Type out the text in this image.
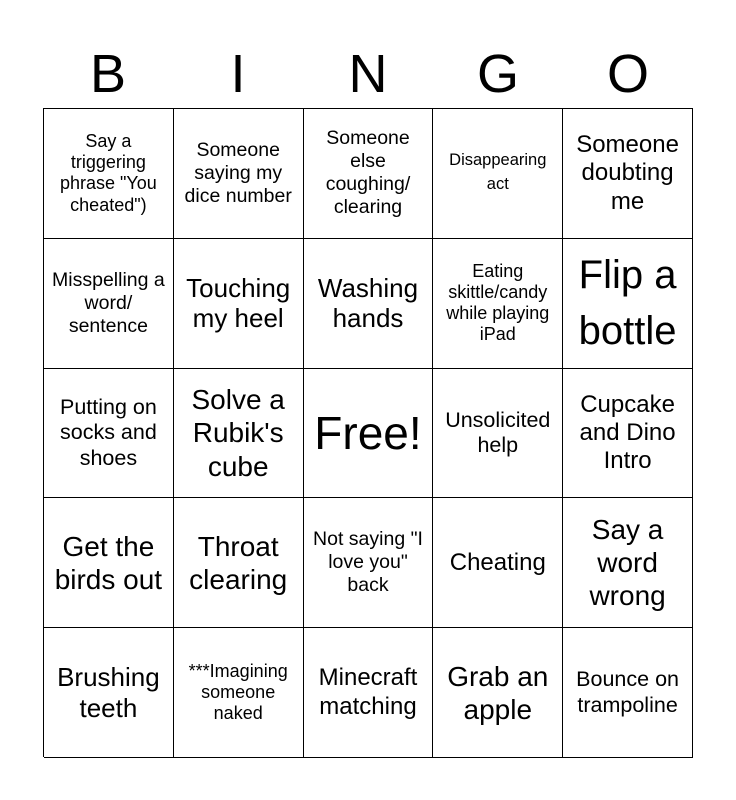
B	I	N	G	O
Say a triggering phrase "You cheated")
Someone saying my dice number
Someone else coughing/ clearing
Disappearing act
Someone doubting me
Misspelling a word/ sentence
Touching my heel
Washing hands
Eating skittle/candy while playing iPad
Flip a bottle
Putting on socks and shoes
Solve a Rubik's cube
Free!	Unsolicited help
Cupcake and Dino Intro
Get the birds out
Throat clearing
Not saying "I love you" back
Cheating
Say a word wrong
Brushing teeth
***Imagining someone naked
Minecraft matching
Grab an apple
Bounce on trampoline
